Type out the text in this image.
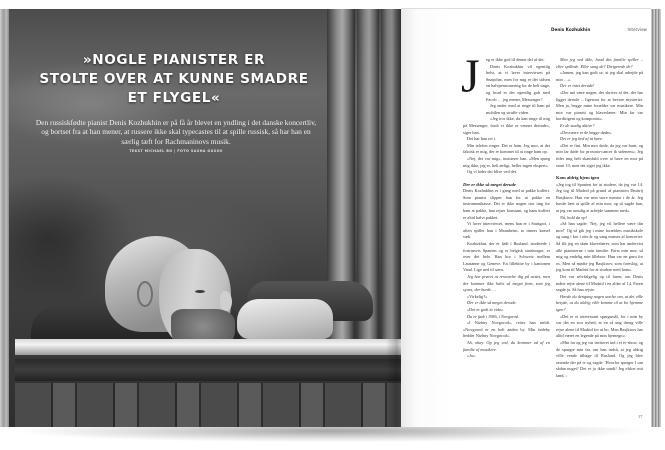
»NOGLE PIANISTER ER
STOLTE OVER AT KUNNE SMADRE
ET FLYGEL«
Den russiskfødte pianist Denis Kozhukhin er på få år blevet en yndling i det danske koncertliv, og bortset fra at han mener, at russere ikke skal typecastes til at spille russisk, så har han en særlig tæft for Rachmaninovs musik.
TEKST MICHAEL BO | FOTO SASHA GUSOV
Denis Kozhukhin	Interview
J	eg er ikke god til denne del af det.

Denis Kozhukhin vil egentlig helst, at vi laver interviewet på Snapchat, men for mig er det sidsen en halvpensionering for de helt unge, og hvad er der egentlig galt med Facob … jeg mener, Messenger?

Jeg ender med at ringe til ham på mobilen og straffe viden.

»Jeg tror ikke, du kan ringe til mig på Messenger, fordi vi ikke er venner derinde«, siger han.

Det har han ret i.

Min telefon ringer. Det er ham. Jeg mor, at det faktisk er mig, der er kommet til at ringe ham op.

»Nej, det var mig«, insisterer han. »Men spørg mig ikke, jeg er, helt ærligt, heller ingen ekspert«.

Og vi lader det blive ved det.

Der er ikke så meget derude

Denis Kozhukhin er i gang med at pakke kuffert. Som pianist slipper han for at pakke en instrumentkasse. Det er ikke nogen stor ting for ham at pakke, han rejser konstant, og hans kuffert er altid halvt pakket.

Vi laver interviewet, mens han er i Stuttgart, i aften spiller han i Mannheim, to timers kørsel væk.

Kozhukhin, der er født i Rusland, studerede i fortrinsvis Spanien og er belgisk statsborger, er over det hele. Han bor i Schweiz mellem Lausanne og Geneve. En lillebitte by i kantonen Vaud. Lige ned til søen.

Jeg har prøvet at researche dig på nettet, men der kommer ikke halvt så meget frem, som jeg synes, der burde …

»Virkelig?«

Der er ikke så meget derude.

»Det er godt at vide«.

Du er født i 1986, i Novgorod.

»I Nizhny Novgorod«, retter han mildt. »Novgorod er en helt anden by. Min fødeby hedder Nizhny Novgorod«.

Ah, okay. Og jeg ved, du kommer ud af en familie af musikere.

»Ja«.

Men jeg ved ikke, hvad din familie spiller – eller spillede. Eller sang de? Dirigerede de?

»Jamen, jeg kan godt se, at jeg skal arbejde på min …«.

Der er intet derude!

»Der må være nogen, der skriver af det, der har ligget derude – ligesom for at bevare mysteriet. Men ja, begge mine forældre var musikere. Min mor var pianist og klaverlærer. Min far var kordirigent og komponist«.

Er de stadig aktive?

»Desværre er de begge døde«.

Det er jeg ked af at høre.

»Det er fint. Min mor døde, da jeg var barn, og min far døde for prostata-cancer ik sidenem«. Jeg føler mig helt skamfuld over at have en mor på snart 10, men det siger jeg ikke.

Kom aldrig hjem igen

»Jeg tog til Spanien for at studere, da jeg var 14. Jeg tog til Madrid på grund af pianisten Dmitrij Basjkirov. Han var min store mentor i de år. Jeg havde lært at spille af min mor, og så sagde han, at jeg var umulig at arbejde sammen med«.

Nå, hold da op!

»Så han sagde: 'Nej, jeg vil hellere være din mor!' Og så gik jeg i mine forældres musikskole og sang i kor i otte år og sang masser af koncerter. Så fik jeg en skøn klaverlærer, som har undervist alle pianisterne i min familie. Først min mor, så mig og endelig min lillebror. Hun var en guru for os. Men så mødte jeg Basjkirov, som foreslog, at jeg kom til Madrid for at studere med ham«.

Det var selvfølgelig op til faren, om Denis måtte rejse alene til Madrid i en alder af 14. Faren sagde ja. Så han rejste.

Havde du dengang nogen anelse om, at det ville betyde, at du aldrig ville komme til at bo hjemme igen?

»Det er et interessant spørgsmål, for i min by var det en stor nyhed, at en så ung dreng ville rejse alene til Madrid for at bo. Men Basjkirov har altid været en legende på min hjemegn«.

»Min far og jeg var inviteret ind i et tv-show, og de spurgte min far, om han indså, at jeg aldrig ville vende tilbage til Rusland. Og jeg blev rasende der på tv og sagde: 'Hvorfor spørger I om sådan noget? Det er jo ikke sandt! Jeg elsker mit land, ›

17
